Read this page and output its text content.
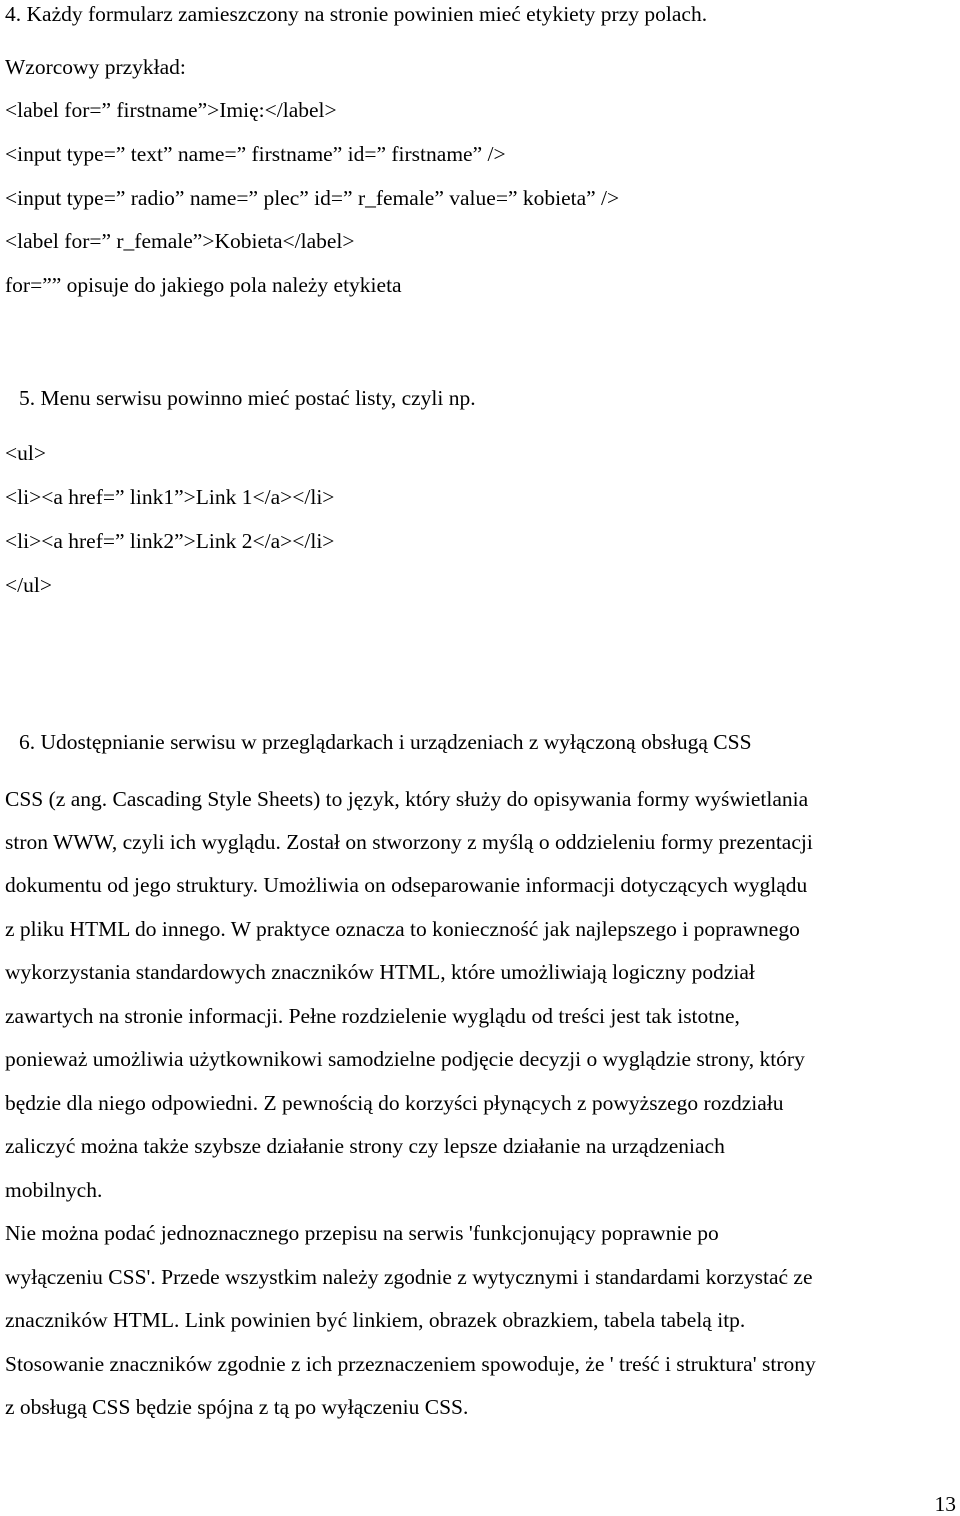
4. Każdy formularz zamieszczony na stronie powinien mieć etykiety przy polach.
Wzorcowy przykład:
<label for=” firstname”>Imię:</label>
<input type=” text” name=” firstname” id=” firstname” />
<input type=” radio” name=” plec” id=” r_female” value=” kobieta” />
<label for=” r_female”>Kobieta</label>
for=”” opisuje do jakiego pola należy etykieta
5. Menu serwisu powinno mieć postać listy, czyli np.
<ul>
<li><a href=” link1”>Link 1</a></li>
<li><a href=” link2”>Link 2</a></li>
</ul>
6. Udostępnianie serwisu w przeglądarkach i urządzeniach z wyłączoną obsługą CSS
CSS (z ang. Cascading Style Sheets) to język, który służy do opisywania formy wyświetlania
stron WWW, czyli ich wyglądu. Został on stworzony z myślą o oddzieleniu formy prezentacji
dokumentu od jego struktury. Umożliwia on odseparowanie informacji dotyczących wyglądu
z pliku HTML do innego. W praktyce oznacza to konieczność jak najlepszego i poprawnego
wykorzystania standardowych znaczników HTML, które umożliwiają logiczny podział
zawartych na stronie informacji. Pełne rozdzielenie wyglądu od treści jest tak istotne,
ponieważ umożliwia użytkownikowi samodzielne podjęcie decyzji o wyglądzie strony, który
będzie dla niego odpowiedni. Z pewnością do korzyści płynących z powyższego rozdziału
zaliczyć można także szybsze działanie strony czy lepsze działanie na urządzeniach
mobilnych.
Nie można podać jednoznacznego przepisu na serwis 'funkcjonujący poprawnie po
wyłączeniu CSS'. Przede wszystkim należy zgodnie z wytycznymi i standardami korzystać ze
znaczników HTML. Link powinien być linkiem, obrazek obrazkiem, tabela tabelą itp.
Stosowanie znaczników zgodnie z ich przeznaczeniem spowoduje, że ' treść i struktura' strony
z obsługą CSS będzie spójna z tą po wyłączeniu CSS.
13
